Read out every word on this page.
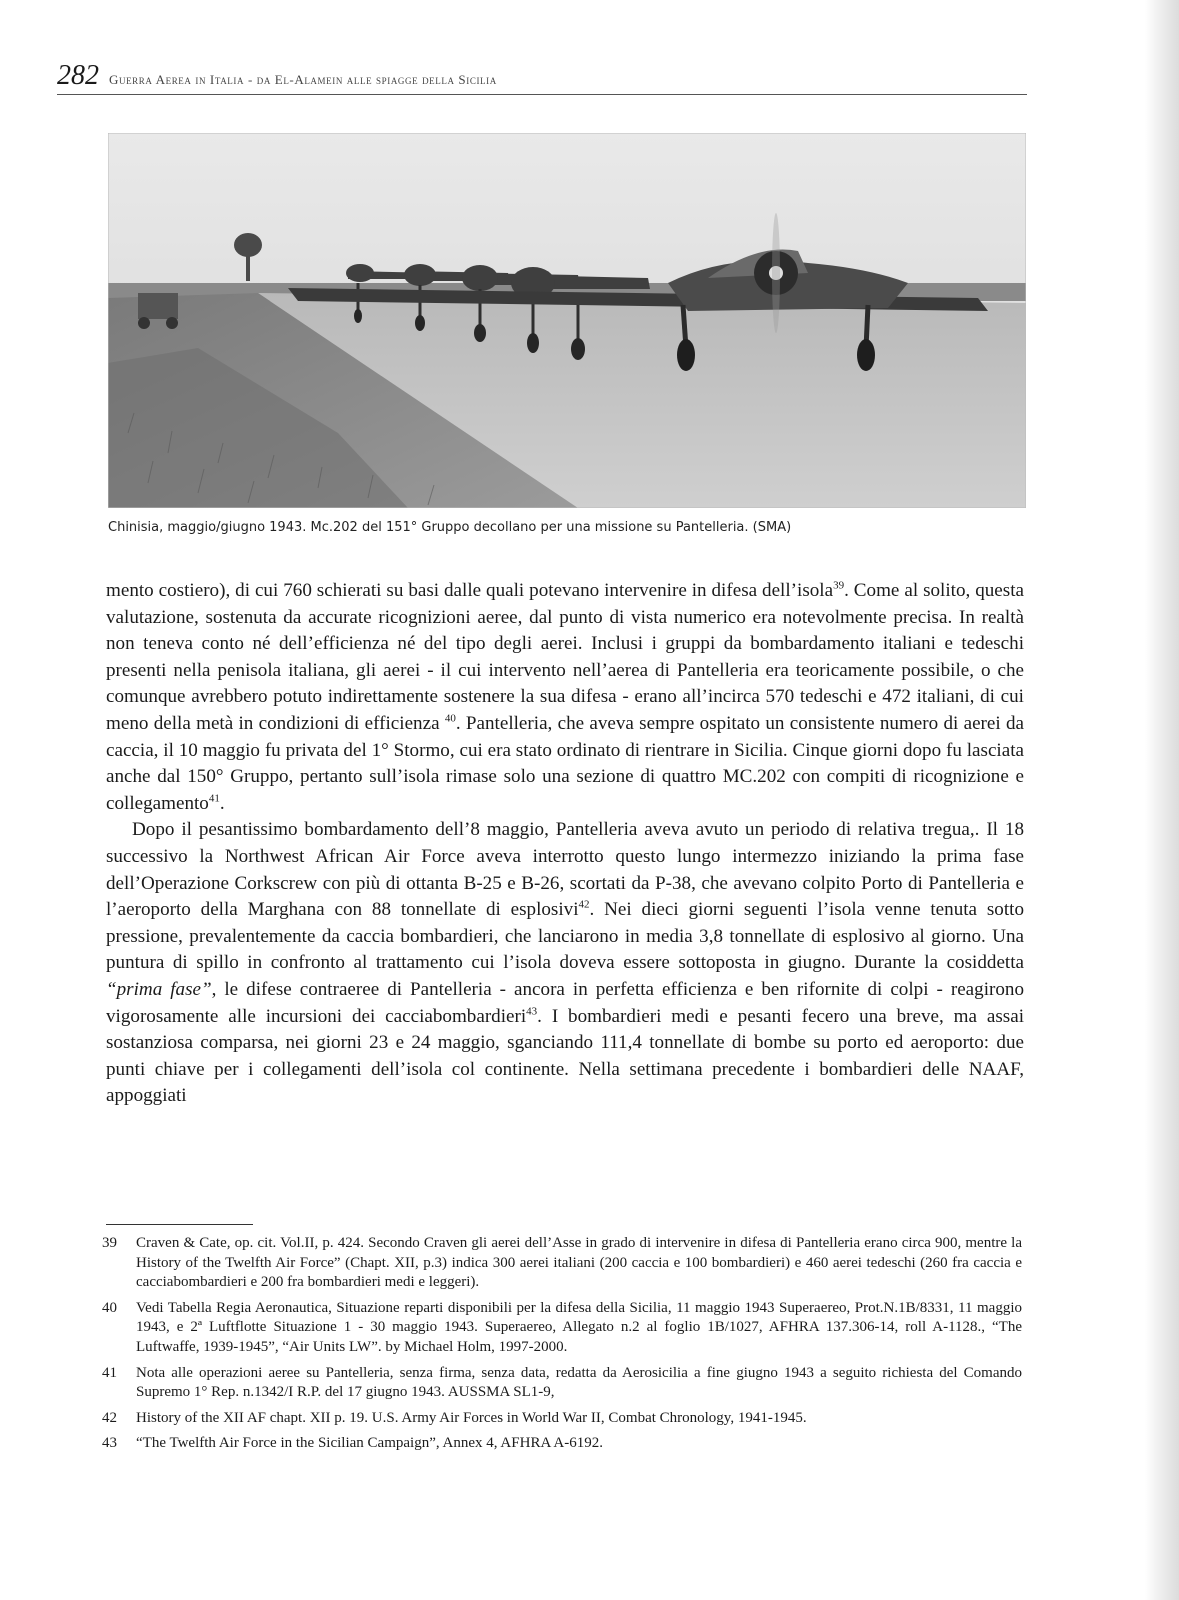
282 Guerra Aerea in Italia - da El-Alamein alle spiagge della Sicilia
Chinisia, maggio/giugno 1943. Mc.202 del 151° Gruppo decollano per una missione su Pantelleria. (SMA)

mento costiero), di cui 760 schierati su basi dalle quali potevano intervenire in difesa dell’isola$^{39}$. Come al solito, questa valutazione, sostenuta da accurate ricognizioni aeree, dal punto di vista numerico era notevolmente precisa. In realtà non teneva conto né dell’efficienza né del tipo degli aerei. Inclusi i gruppi da bombardamento italiani e tedeschi presenti nella penisola italiana, gli aerei - il cui intervento nell’aerea di Pantelleria era teoricamente possibile, o che comunque avrebbero potuto indirettamente sostenere la sua difesa - erano all’incirca 570 tedeschi e 472 italiani, di cui meno della metà in condizioni di efficienza $^{40}$. Pantelleria, che aveva sempre ospitato un consistente numero di aerei da caccia, il 10 maggio fu privata del 1° Stormo, cui era stato ordinato di rientrare in Sicilia. Cinque giorni dopo fu lasciata anche dal 150° Gruppo, pertanto sull’isola rimase solo una sezione di quattro MC.202 con compiti di ricognizione e collegamento$^{41}$.

Dopo il pesantissimo bombardamento dell’8 maggio, Pantelleria aveva avuto un periodo di relativa tregua,. Il 18 successivo la Northwest African Air Force aveva interrotto questo lungo intermezzo iniziando la prima fase dell’Operazione Corkscrew con più di ottanta B-25 e B-26, scortati da P-38, che avevano colpito Porto di Pantelleria e l’aeroporto della Marghana con 88 tonnellate di esplosivi$^{42}$. Nei dieci giorni seguenti l’isola venne tenuta sotto pressione, prevalentemente da caccia bombardieri, che lanciarono in media 3,8 tonnellate di esplosivo al giorno. Una puntura di spillo in confronto al trattamento cui l’isola doveva essere sottoposta in giugno. Durante la cosiddetta “prima fase”, le difese contraeree di Pantelleria - ancora in perfetta efficienza e ben rifornite di colpi - reagirono vigorosamente alle incursioni dei cacciabombardieri$^{43}$. I bombardieri medi e pesanti fecero una breve, ma assai sostanziosa comparsa, nei giorni 23 e 24 maggio, sganciando 111,4 tonnellate di bombe su porto ed aeroporto: due punti chiave per i collegamenti dell’isola col continente. Nella settimana precedente i bombardieri delle NAAF, appoggiati

39	Craven & Cate, op. cit. Vol.II, p. 424. Secondo Craven gli aerei dell’Asse in grado di intervenire in difesa di Pantelleria erano circa 900, mentre la History of the Twelfth Air Force” (Chapt. XII, p.3) indica 300 aerei italiani (200 caccia e 100 bombardieri) e 460 aerei tedeschi (260 fra caccia e cacciabombardieri e 200 fra bombardieri medi e leggeri).
40	Vedi Tabella Regia Aeronautica, Situazione reparti disponibili per la difesa della Sicilia, 11 maggio 1943 Superaereo, Prot.N.1B/8331, 11 maggio 1943, e 2ª Luftflotte Situazione 1 - 30 maggio 1943. Superaereo, Allegato n.2 al foglio 1B/1027, AFHRA 137.306-14, roll A-1128., “The Luftwaffe, 1939-1945”, “Air Units LW”. by Michael Holm, 1997-2000.
41	Nota alle operazioni aeree su Pantelleria, senza firma, senza data, redatta da Aerosicilia a fine giugno 1943 a seguito richiesta del Comando Supremo 1° Rep. n.1342/I R.P. del 17 giugno 1943. AUSSMA SL1-9,
42	History of the XII AF chapt. XII p. 19. U.S. Army Air Forces in World War II, Combat Chronology, 1941-1945.
43	“The Twelfth Air Force in the Sicilian Campaign”, Annex 4, AFHRA A-6192.
